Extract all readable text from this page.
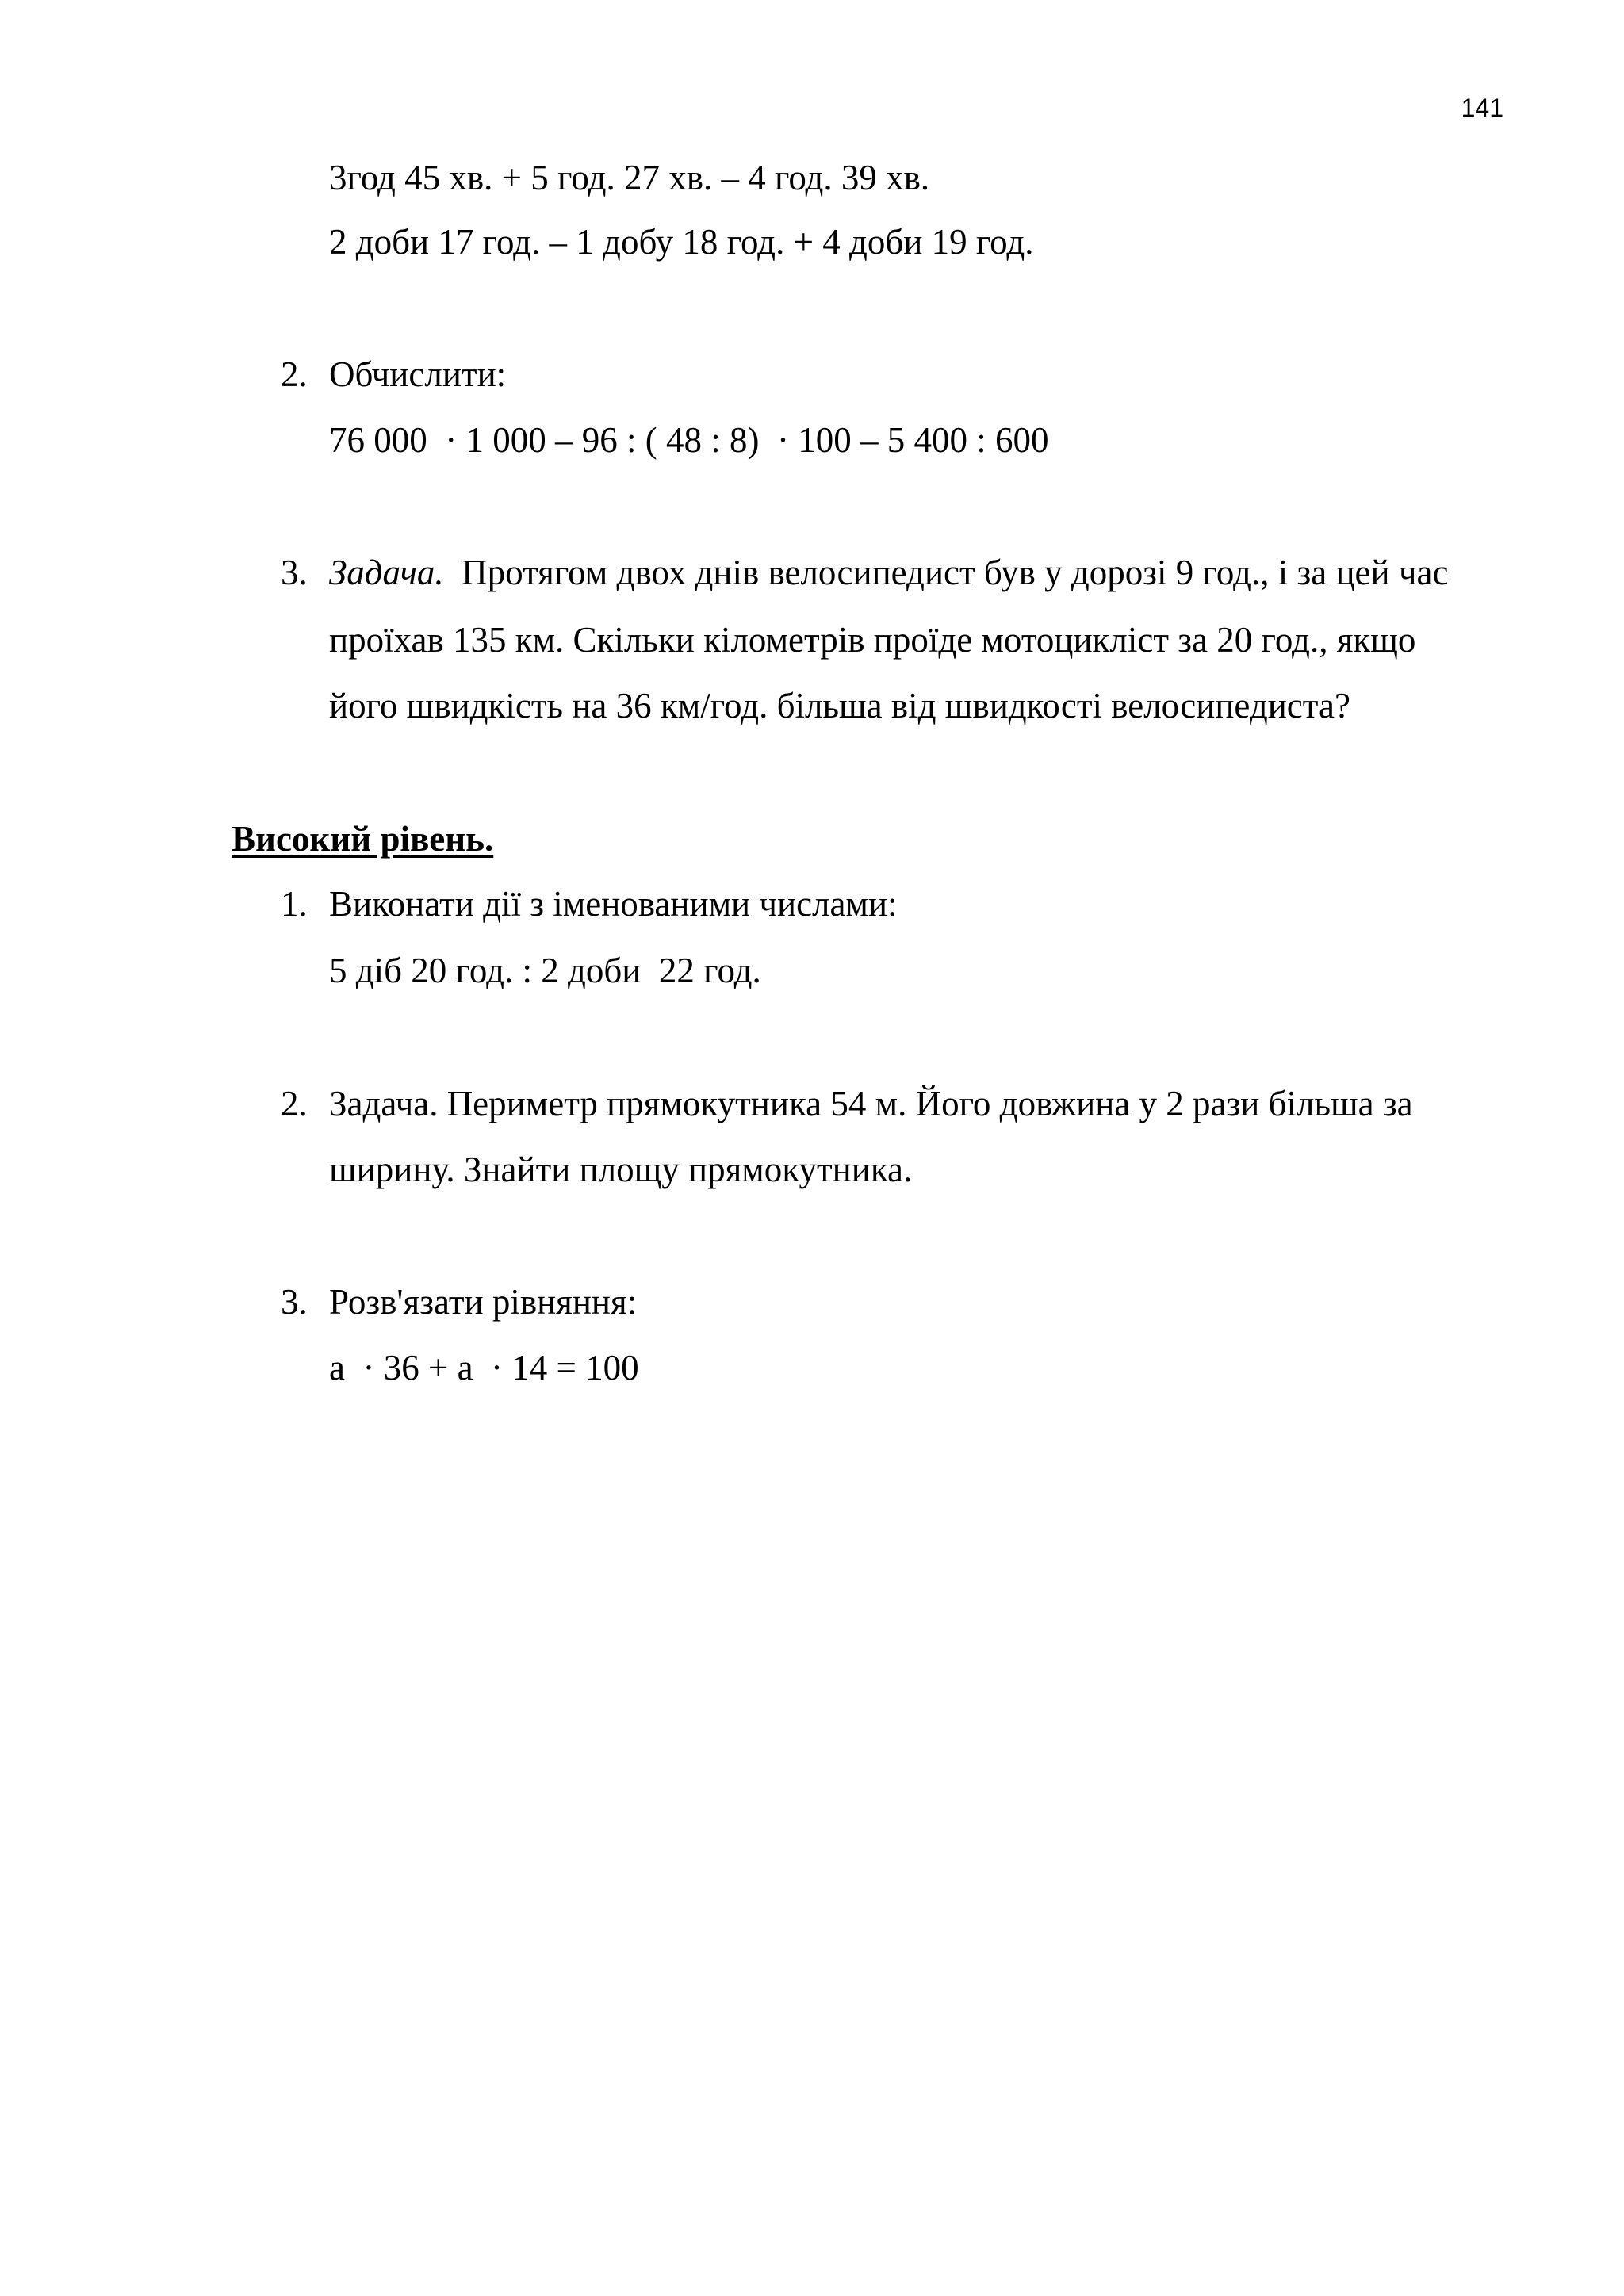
141
3год 45 хв. + 5 год. 27 хв. – 4 год. 39 хв.
2 доби 17 год. – 1 добу 18 год. + 4 доби 19 год.
2. Обчислити:
76 000  · 1 000 – 96 : ( 48 : 8)  · 100 – 5 400 : 600
3. Задача.  Протягом двох днів велосипедист був у дорозі 9 год., і за цей час
проїхав 135 км. Скільки кілометрів проїде мотоцикліст за 20 год., якщо
його швидкість на 36 км/год. більша від швидкості велосипедиста?
Високий рівень.
1. Виконати дії з іменованими числами:
5 діб 20 год. : 2 доби  22 год.
2. Задача. Периметр прямокутника 54 м. Його довжина у 2 рази більша за
ширину. Знайти площу прямокутника.
3. Розв'язати рівняння:
а  · 36 + а  · 14 = 100
